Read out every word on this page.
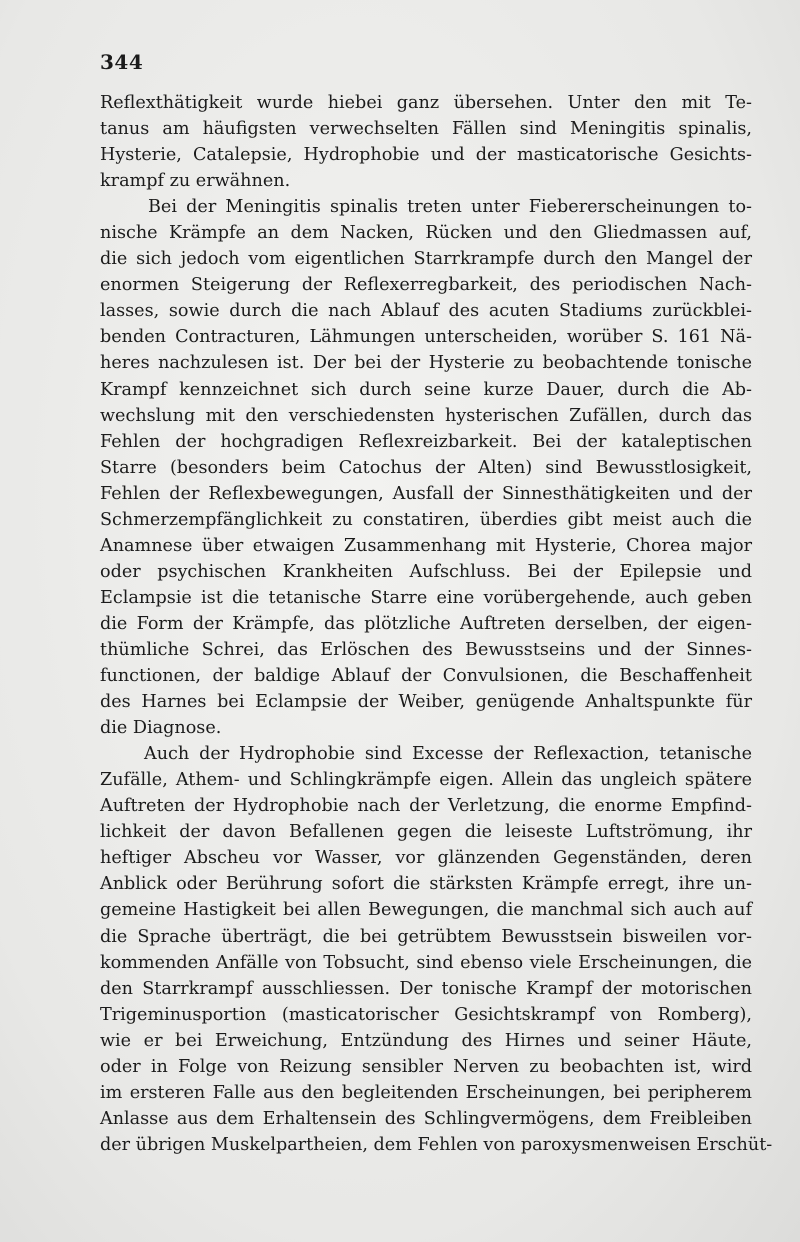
344
Reflexthätigkeit wurde hiebei ganz übersehen. Unter den mit Te-
tanus am häufigsten verwechselten Fällen sind Meningitis spinalis,
Hysterie, Catalepsie, Hydrophobie und der masticatorische Gesichts-
krampf zu erwähnen.
Bei der Meningitis spinalis treten unter Fiebererscheinungen to-
nische Krämpfe an dem Nacken, Rücken und den Gliedmassen auf,
die sich jedoch vom eigentlichen Starrkrampfe durch den Mangel der
enormen Steigerung der Reflexerregbarkeit, des periodischen Nach-
lasses, sowie durch die nach Ablauf des acuten Stadiums zurückblei-
benden Contracturen, Lähmungen unterscheiden, worüber S. 161 Nä-
heres nachzulesen ist. Der bei der Hysterie zu beobachtende tonische
Krampf kennzeichnet sich durch seine kurze Dauer, durch die Ab-
wechslung mit den verschiedensten hysterischen Zufällen, durch das
Fehlen der hochgradigen Reflexreizbarkeit. Bei der kataleptischen
Starre (besonders beim Catochus der Alten) sind Bewusstlosigkeit,
Fehlen der Reflexbewegungen, Ausfall der Sinnesthätigkeiten und der
Schmerzempfänglichkeit zu constatiren, überdies gibt meist auch die
Anamnese über etwaigen Zusammenhang mit Hysterie, Chorea major
oder psychischen Krankheiten Aufschluss. Bei der Epilepsie und
Eclampsie ist die tetanische Starre eine vorübergehende, auch geben
die Form der Krämpfe, das plötzliche Auftreten derselben, der eigen-
thümliche Schrei, das Erlöschen des Bewusstseins und der Sinnes-
functionen, der baldige Ablauf der Convulsionen, die Beschaffenheit
des Harnes bei Eclampsie der Weiber, genügende Anhaltspunkte für
die Diagnose.
Auch der Hydrophobie sind Excesse der Reflexaction, tetanische
Zufälle, Athem- und Schlingkrämpfe eigen. Allein das ungleich spätere
Auftreten der Hydrophobie nach der Verletzung, die enorme Empfind-
lichkeit der davon Befallenen gegen die leiseste Luftströmung, ihr
heftiger Abscheu vor Wasser, vor glänzenden Gegenständen, deren
Anblick oder Berührung sofort die stärksten Krämpfe erregt, ihre un-
gemeine Hastigkeit bei allen Bewegungen, die manchmal sich auch auf
die Sprache überträgt, die bei getrübtem Bewusstsein bisweilen vor-
kommenden Anfälle von Tobsucht, sind ebenso viele Erscheinungen, die
den Starrkrampf ausschliessen. Der tonische Krampf der motorischen
Trigeminusportion (masticatorischer Gesichtskrampf von Romberg),
wie er bei Erweichung, Entzündung des Hirnes und seiner Häute,
oder in Folge von Reizung sensibler Nerven zu beobachten ist, wird
im ersteren Falle aus den begleitenden Erscheinungen, bei peripherem
Anlasse aus dem Erhaltensein des Schlingvermögens, dem Freibleiben
der übrigen Muskelpartheien, dem Fehlen von paroxysmenweisen Erschüt-
